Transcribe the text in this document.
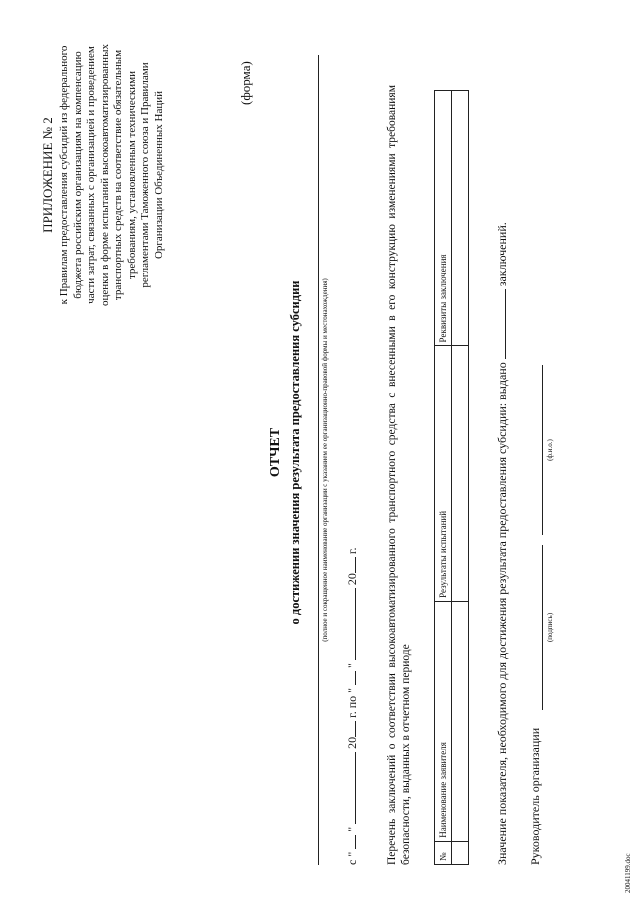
ПРИЛОЖЕНИЕ № 2 к Правилам предоставления субсидий из федерального бюджета российским организациям на компенсацию части затрат, связанных с организацией и проведением оценки в форме испытаний высокоавтоматизированных транспортных средств на соответствие обязательным требованиям, установленным техническими регламентами Таможенного союза и Правилами Организации Объединенных Наций
(форма)
ОТЧЕТ о достижении значения результата предоставления субсидии	(полное и сокращенное наименование организации с указанием ее организационно-правовой формы и местонахождения)
с "  "  20 г. по "  "  20 г. Перечень заключений о соответствии высокоавтоматизированного транспортного средства с внесенными в его конструкцию изменениями требованиям безопасности, выданных в отчетном периоде	№	Наименование заявителя	Результаты испытаний	Реквизиты заключения

Значение показателя, необходимого для достижения результата предоставления субсидии: выдано  заключений.
Руководитель организации
(подпись)
(ф.и.о.)
20041199.doc
